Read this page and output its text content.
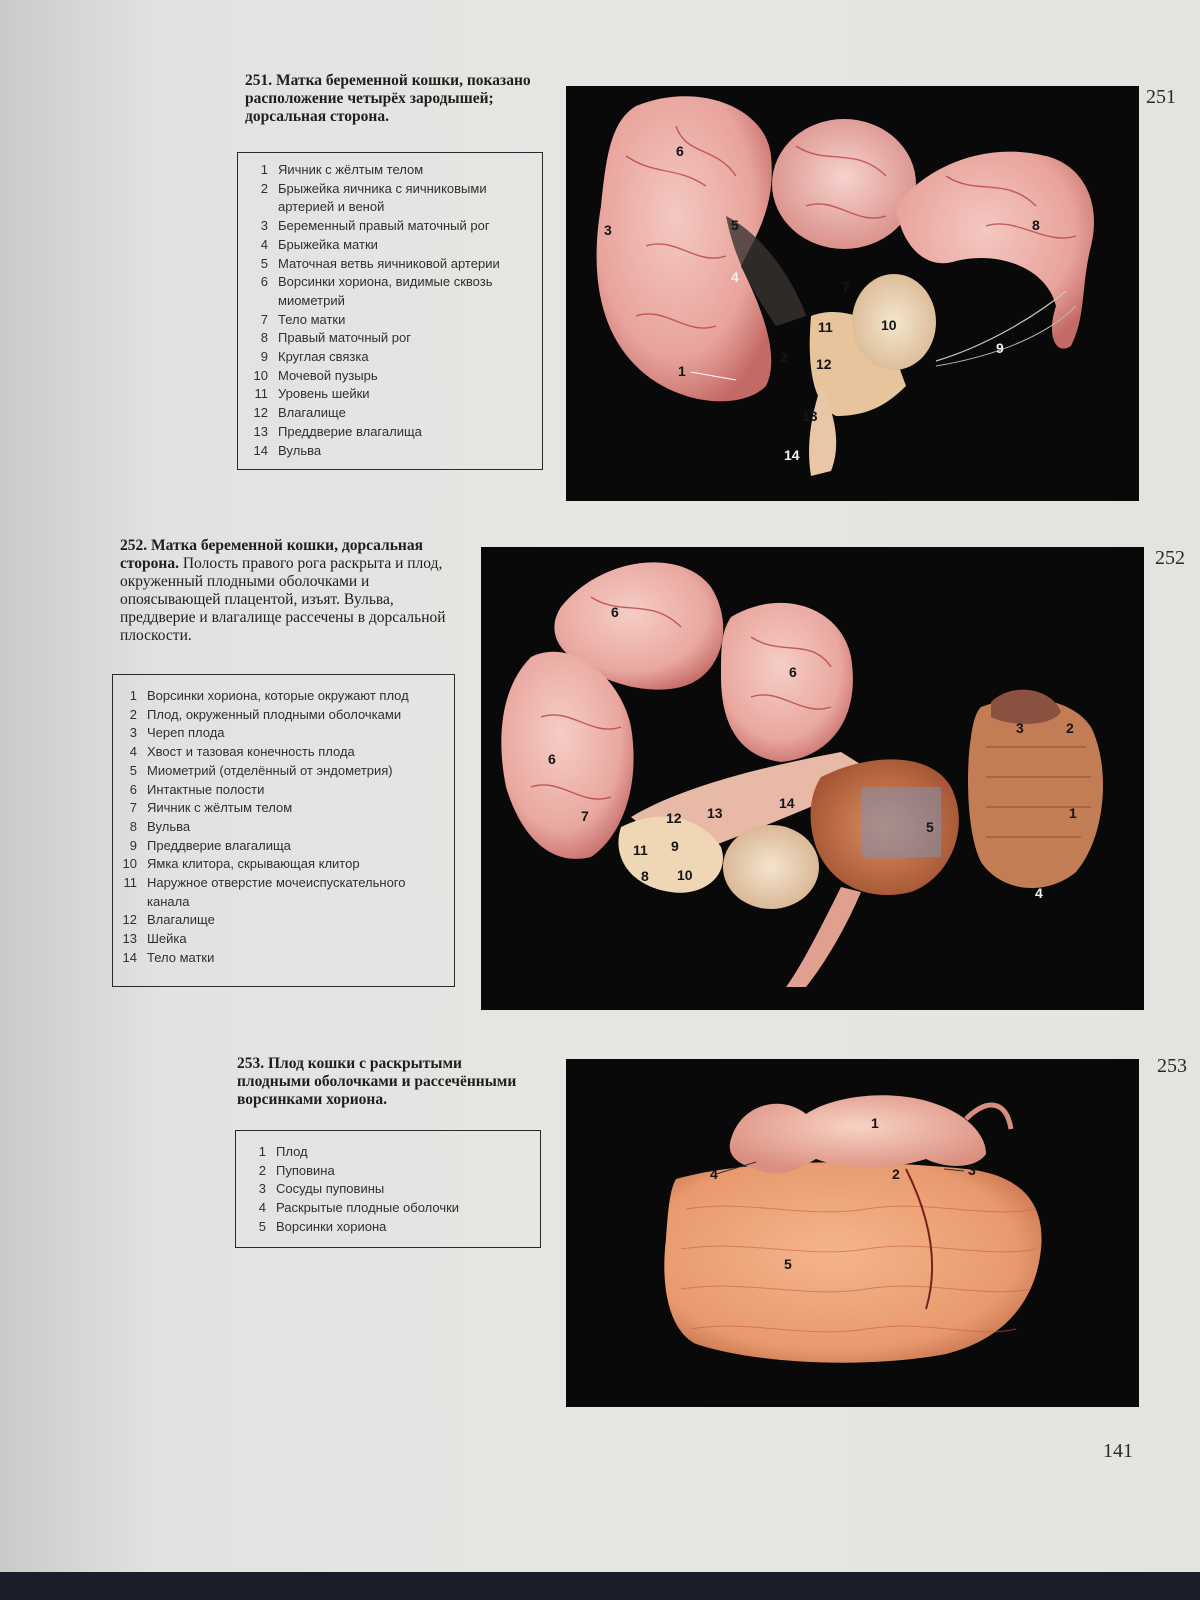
251. Матка беременной кошки, показано расположение четырёх зародышей; дорсальная сторона.
1 Яичник с жёлтым телом
2 Брыжейка яичника с яичниковыми артерией и веной
3 Беременный правый маточный рог
4 Брыжейка матки
5 Маточная ветвь яичниковой артерии
6 Ворсинки хориона, видимые сквозь миометрий
7 Тело матки
8 Правый маточный рог
9 Круглая связка
10 Мочевой пузырь
11 Уровень шейки
12 Влагалище
13 Преддверие влагалища
14 Вульва
6
3	5
4
1
2
7
11
12
10
13
14
8
9
251
252. Матка беременной кошки, дорсальная сторона. Полость правого рога раскрыта и плод, окруженный плодными оболочками и опоясывающей плацентой, изъят. Вульва, преддверие и влагалище рассечены в дорсальной плоскости.
1 Ворсинки хориона, которые окружают плод
2 Плод, окруженный плодными оболочками
3 Череп плода
4 Хвост и тазовая конечность плода
5 Миометрий (отделённый от эндометрия)
6 Интактные полости
7 Яичник с жёлтым телом
8 Вульва
9 Преддверие влагалища
10 Ямка клитора, скрывающая клитор
11 Наружное отверстие мочеиспускательного канала
12 Влагалище
13 Шейка
14 Тело матки
6
6
6
7	12 13
14
11 9
8 10
5
3	2
1
4
252
253. Плод кошки с раскрытыми плодными оболочками и рассечёнными ворсинками хориона.
1 Плод
2 Пуповина
3 Сосуды пуповины
4 Раскрытые плодные оболочки
5 Ворсинки хориона
1
4	2	3
5
253
141
